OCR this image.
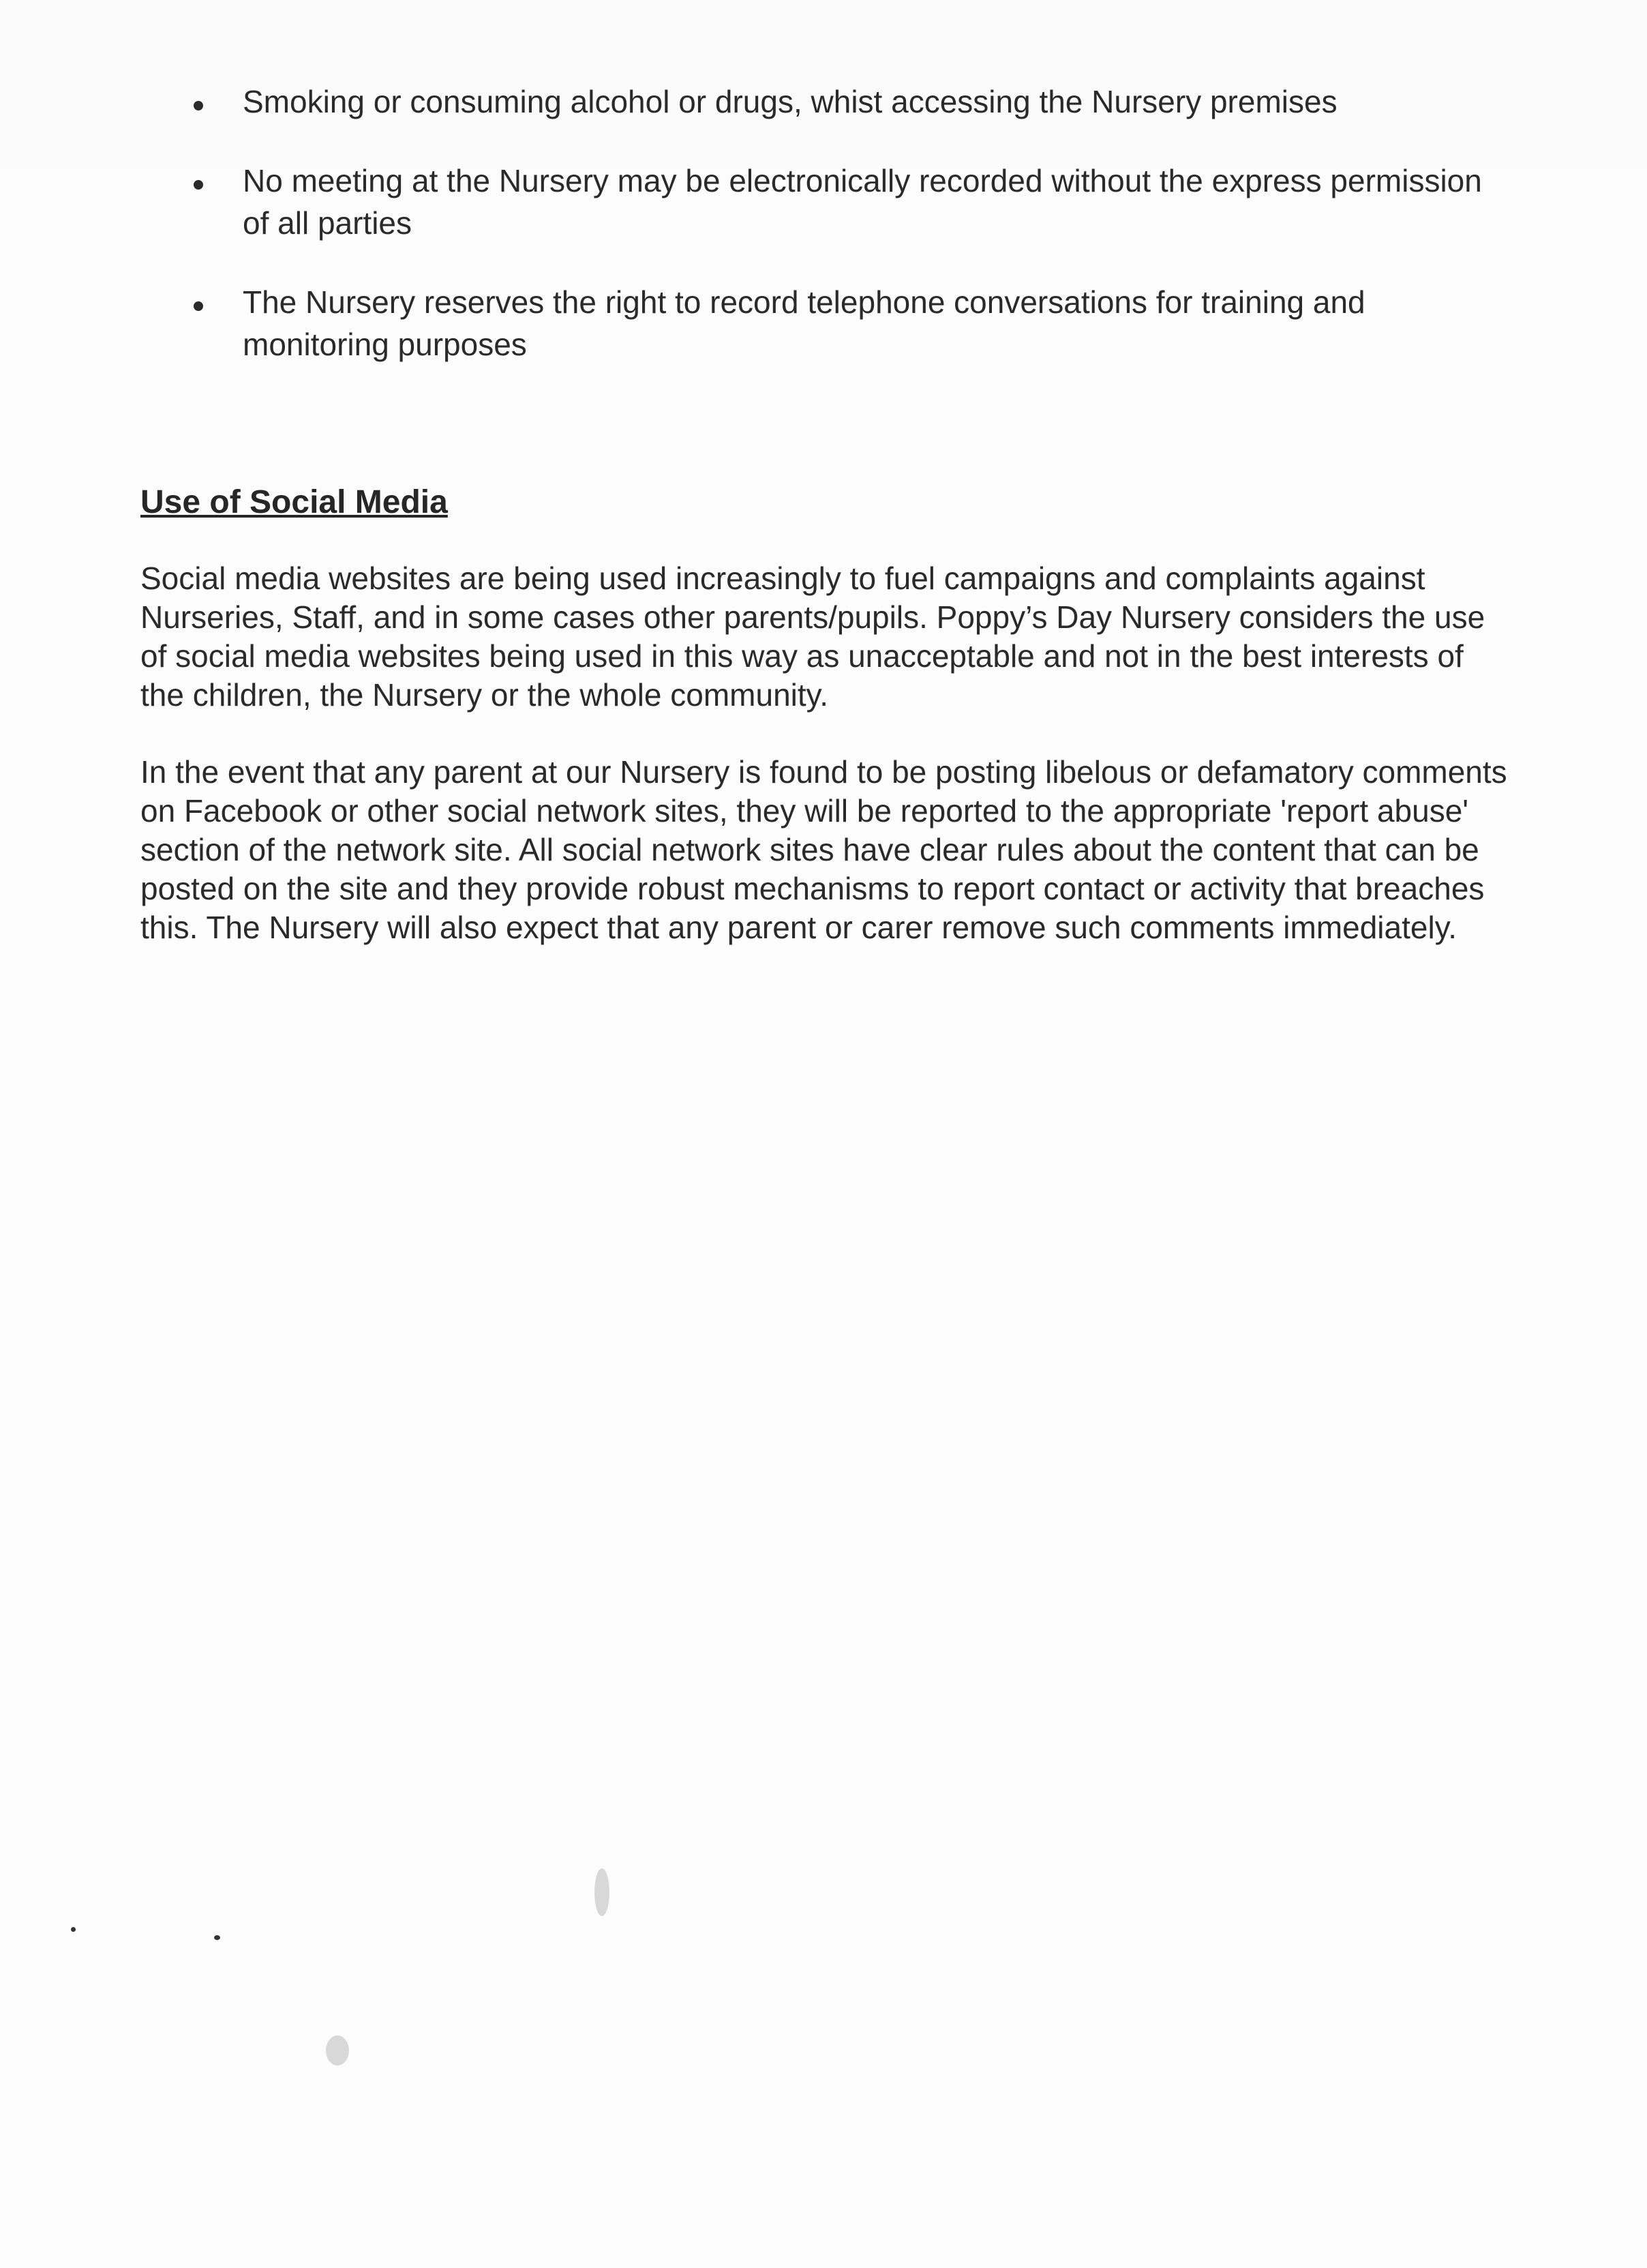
Smoking or consuming alcohol or drugs, whist accessing the Nursery premises
No meeting at the Nursery may be electronically recorded without the express permission of all parties
The Nursery reserves the right to record telephone conversations for training and monitoring purposes
Use of Social Media

Social media websites are being used increasingly to fuel campaigns and complaints against Nurseries, Staff, and in some cases other parents/pupils. Poppy’s Day Nursery considers the use of social media websites being used in this way as unacceptable and not in the best interests of the children, the Nursery or the whole community.

In the event that any parent at our Nursery is found to be posting libelous or defamatory comments on Facebook or other social network sites, they will be reported to the appropriate 'report abuse' section of the network site. All social network sites have clear rules about the content that can be posted on the site and they provide robust mechanisms to report contact or activity that breaches this. The Nursery will also expect that any parent or carer remove such comments immediately.
